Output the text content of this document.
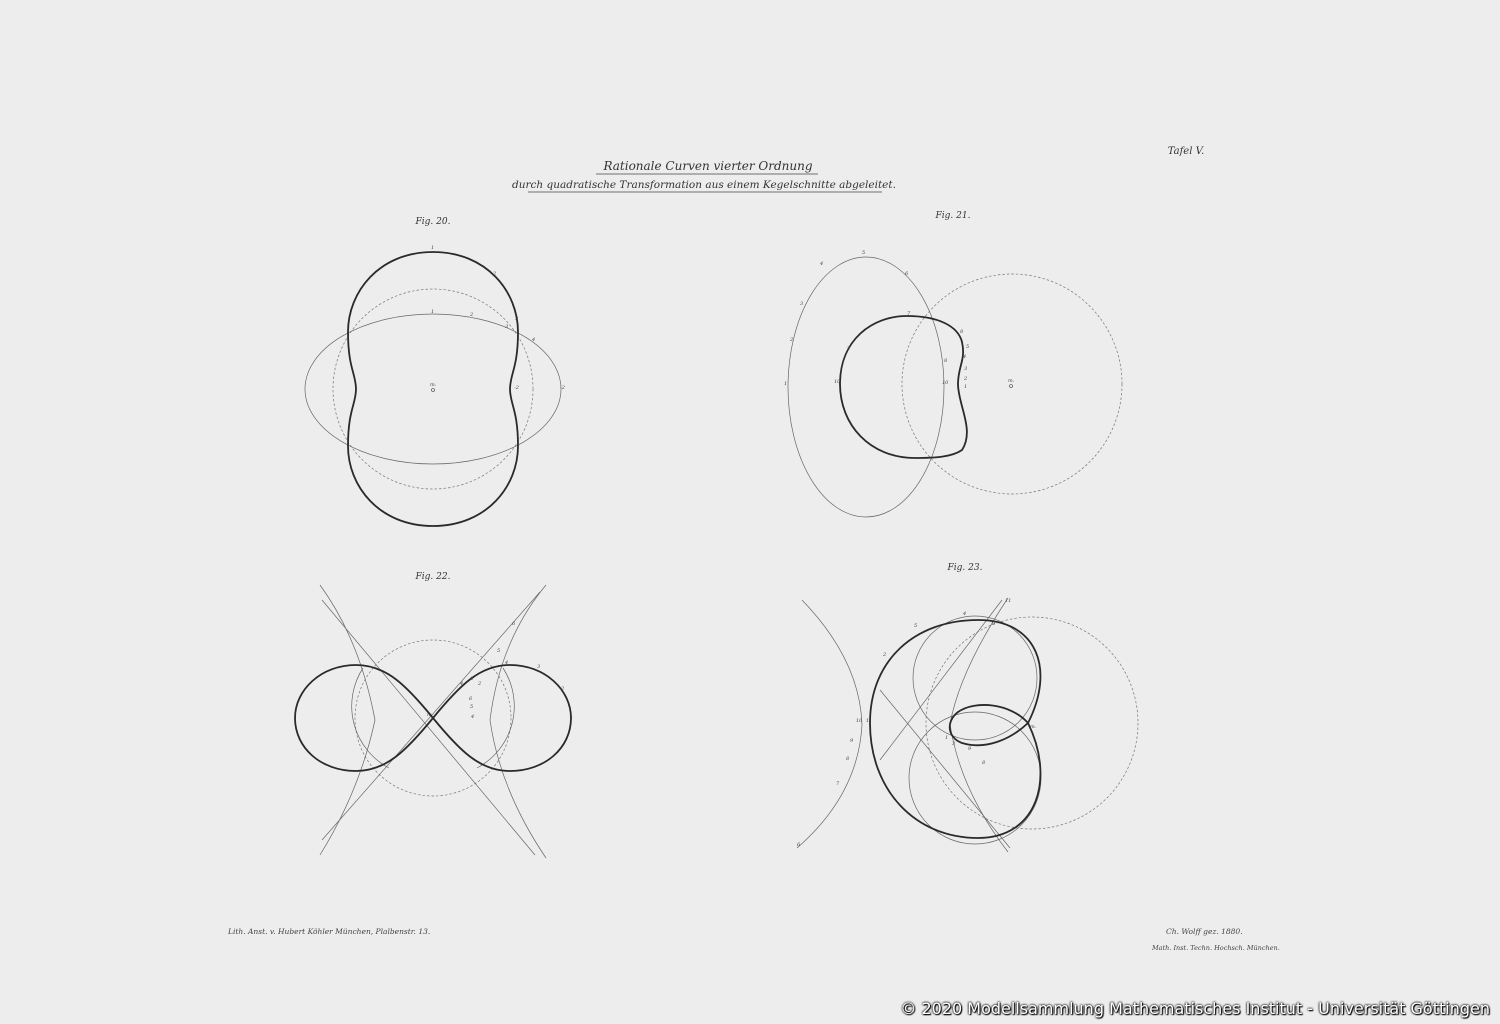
Rationale Curven vierter Ordnung
durch quadratische Transformation aus einem Kegelschnitte abgeleitet.
Tafel V.
Fig. 20.
m.
1
2
1	2
3
3
4
-2	-2
Fig. 21.
m.
5
4
6
3
2
1
7
8
2
10
8
10
5
4
3
2
1
Fig. 22.
m
6
5
4
3
2
1
4
3
2
6
5
4
Fig. 23.
m.
11
4
9
5
2
10 1
9
8
7
6
1
3
9
8
Lith. Anst. v. Hubert Köhler München, Plalbenstr. 13.	Ch. Wolff gez. 1880.
Math. Inst. Techn. Hochsch. München.
© 2020 Modellsammlung Mathematisches Institut - Universität Göttingen
